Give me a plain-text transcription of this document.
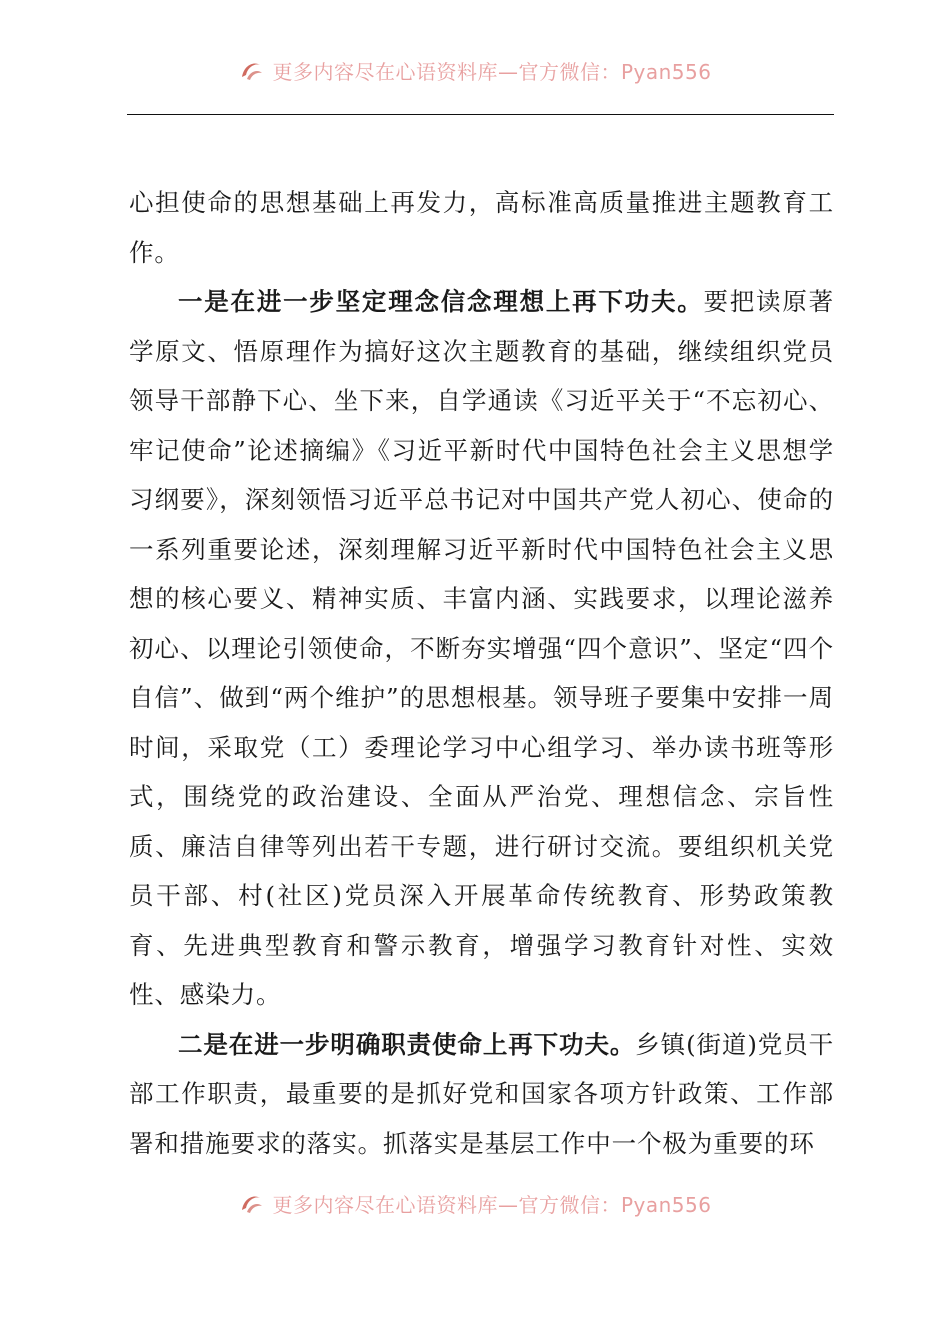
更多内容尽在心语资料库—官方微信：Pyan556

心担使命的思想基础上再发力，高标准高质量推进主题教育工作。

一是在进一步坚定理念信念理想上再下功夫。要把读原著学原文、悟原理作为搞好这次主题教育的基础，继续组织党员领导干部静下心、坐下来，自学通读《习近平关于“不忘初心、牢记使命”论述摘编》《习近平新时代中国特色社会主义思想学习纲要》，深刻领悟习近平总书记对中国共产党人初心、使命的一系列重要论述，深刻理解习近平新时代中国特色社会主义思想的核心要义、精神实质、丰富内涵、实践要求，以理论滋养初心、以理论引领使命，不断夯实增强“四个意识”、坚定“四个自信”、做到“两个维护”的思想根基。领导班子要集中安排一周时间，采取党（工）委理论学习中心组学习、举办读书班等形式，围绕党的政治建设、全面从严治党、理想信念、宗旨性质、廉洁自律等列出若干专题，进行研讨交流。要组织机关党员干部、村(社区)党员深入开展革命传统教育、形势政策教育、先进典型教育和警示教育，增强学习教育针对性、实效性、感染力。

二是在进一步明确职责使命上再下功夫。乡镇(街道)党员干部工作职责，最重要的是抓好党和国家各项方针政策、工作部署和措施要求的落实。抓落实是基层工作中一个极为重要的环

更多内容尽在心语资料库—官方微信：Pyan556
